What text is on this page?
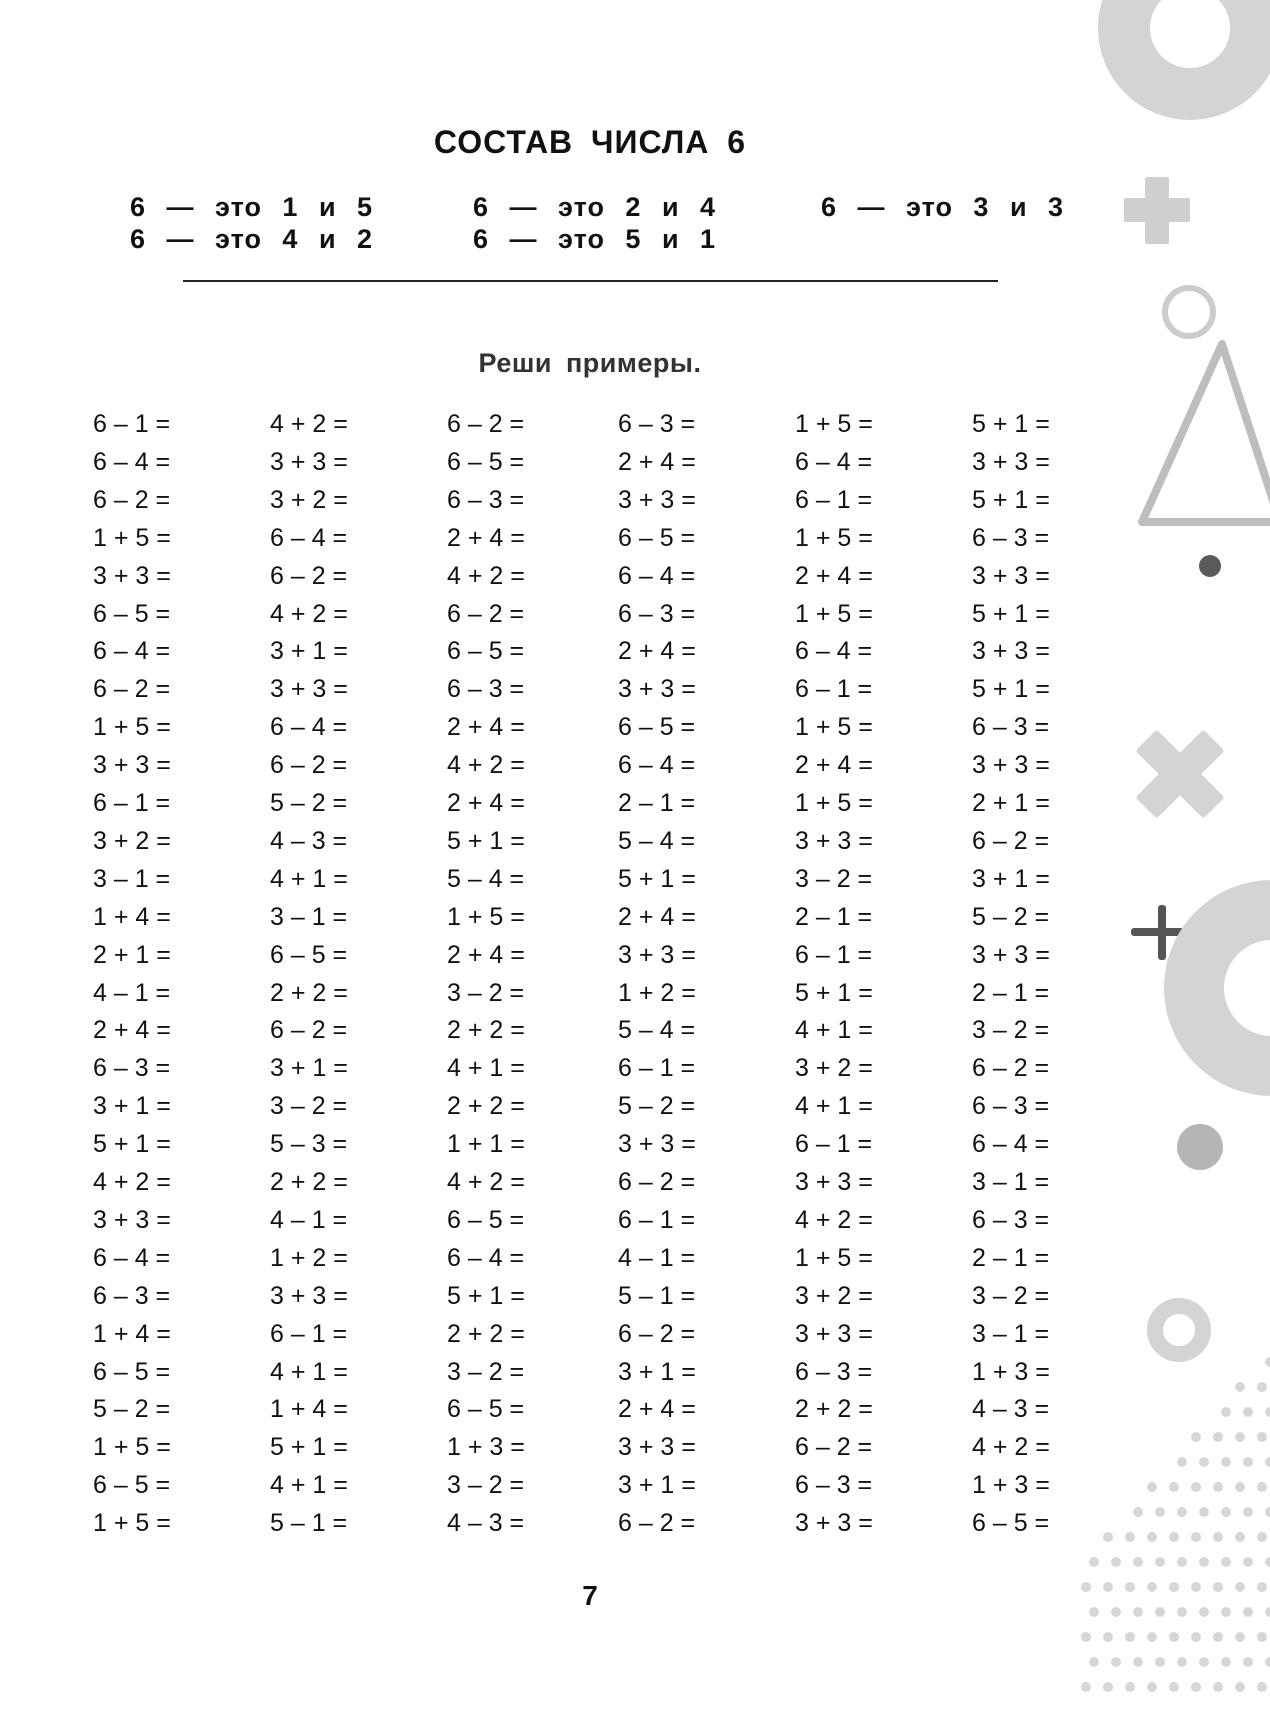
СОСТАВ ЧИСЛА 6
6 — это 1 и 5	6 — это 2 и 4	6 — это 3 и 3
6 — это 4 и 2	6 — это 5 и 1
Реши примеры.
6 – 1 =	4 + 2 =	6 – 2 =	6 – 3 =	1 + 5 =	5 + 1 =
6 – 4 =	3 + 3 =	6 – 5 =	2 + 4 =	6 – 4 =	3 + 3 =
6 – 2 =	3 + 2 =	6 – 3 =	3 + 3 =	6 – 1 =	5 + 1 =
1 + 5 =	6 – 4 =	2 + 4 =	6 – 5 =	1 + 5 =	6 – 3 =
3 + 3 =	6 – 2 =	4 + 2 =	6 – 4 =	2 + 4 =	3 + 3 =
6 – 5 =	4 + 2 =	6 – 2 =	6 – 3 =	1 + 5 =	5 + 1 =
6 – 4 =	3 + 1 =	6 – 5 =	2 + 4 =	6 – 4 =	3 + 3 =
6 – 2 =	3 + 3 =	6 – 3 =	3 + 3 =	6 – 1 =	5 + 1 =
1 + 5 =	6 – 4 =	2 + 4 =	6 – 5 =	1 + 5 =	6 – 3 =
3 + 3 =	6 – 2 =	4 + 2 =	6 – 4 =	2 + 4 =	3 + 3 =
6 – 1 =	5 – 2 =	2 + 4 =	2 – 1 =	1 + 5 =	2 + 1 =
3 + 2 =	4 – 3 =	5 + 1 =	5 – 4 =	3 + 3 =	6 – 2 =
3 – 1 =	4 + 1 =	5 – 4 =	5 + 1 =	3 – 2 =	3 + 1 =
1 + 4 =	3 – 1 =	1 + 5 =	2 + 4 =	2 – 1 =	5 – 2 =
2 + 1 =	6 – 5 =	2 + 4 =	3 + 3 =	6 – 1 =	3 + 3 =
4 – 1 =	2 + 2 =	3 – 2 =	1 + 2 =	5 + 1 =	2 – 1 =
2 + 4 =	6 – 2 =	2 + 2 =	5 – 4 =	4 + 1 =	3 – 2 =
6 – 3 =	3 + 1 =	4 + 1 =	6 – 1 =	3 + 2 =	6 – 2 =
3 + 1 =	3 – 2 =	2 + 2 =	5 – 2 =	4 + 1 =	6 – 3 =
5 + 1 =	5 – 3 =	1 + 1 =	3 + 3 =	6 – 1 =	6 – 4 =
4 + 2 =	2 + 2 =	4 + 2 =	6 – 2 =	3 + 3 =	3 – 1 =
3 + 3 =	4 – 1 =	6 – 5 =	6 – 1 =	4 + 2 =	6 – 3 =
6 – 4 =	1 + 2 =	6 – 4 =	4 – 1 =	1 + 5 =	2 – 1 =
6 – 3 =	3 + 3 =	5 + 1 =	5 – 1 =	3 + 2 =	3 – 2 =
1 + 4 =	6 – 1 =	2 + 2 =	6 – 2 =	3 + 3 =	3 – 1 =
6 – 5 =	4 + 1 =	3 – 2 =	3 + 1 =	6 – 3 =	1 + 3 =
5 – 2 =	1 + 4 =	6 – 5 =	2 + 4 =	2 + 2 =	4 – 3 =
1 + 5 =	5 + 1 =	1 + 3 =	3 + 3 =	6 – 2 =	4 + 2 =
6 – 5 =	4 + 1 =	3 – 2 =	3 + 1 =	6 – 3 =	1 + 3 =
1 + 5 =	5 – 1 =	4 – 3 =	6 – 2 =	3 + 3 =	6 – 5 =
7
